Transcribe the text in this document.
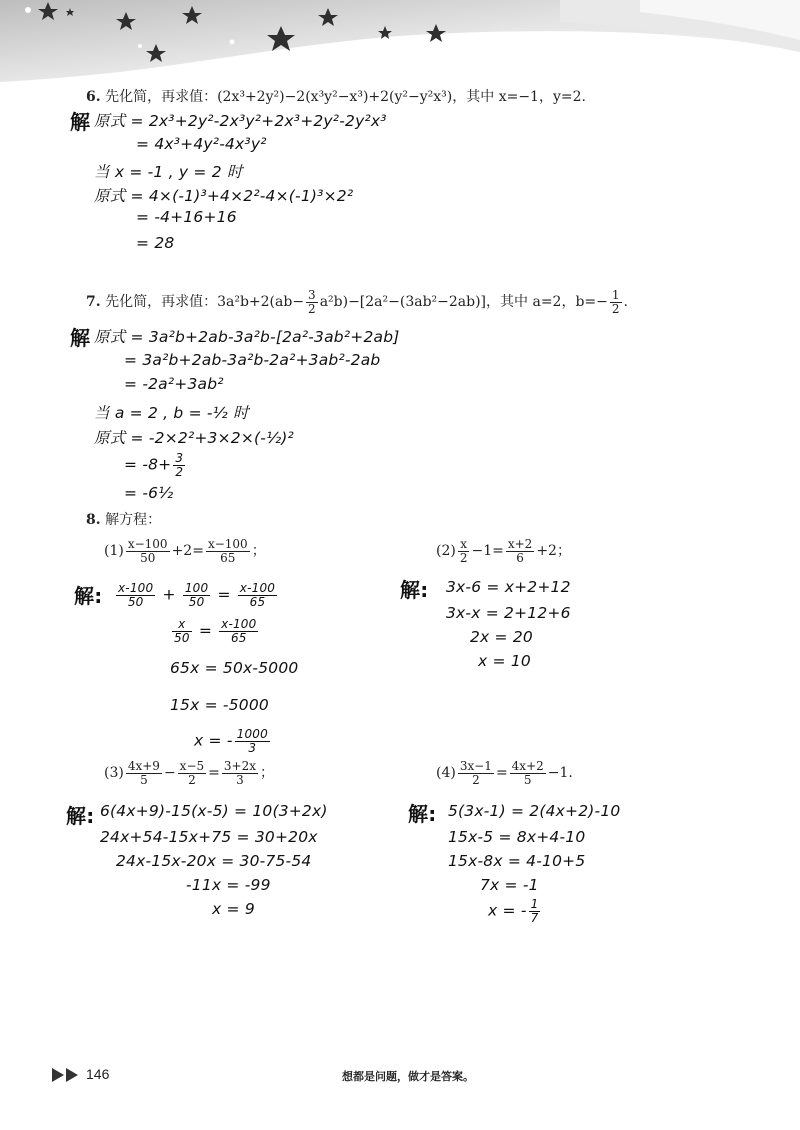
6. 先化简，再求值：(2x³+2y²)−2(x³y²−x³)+2(y²−y²x³)，其中 x=−1，y=2.
解 原式 = 2x³+2y²-2x³y²+2x³+2y²-2y²x³
= 4x³+4y²-4x³y²
当 x = -1 , y = 2 时
原式 = 4×(-1)³+4×2²-4×(-1)³×2²
= -4+16+16
= 28
7. 先化简，再求值：$3a^2b+2(ab- \frac{3}{2} a^2b)-[2a^2-(3ab^2-2ab)]$，其中 a=2，$b=- \frac{1}{2}$ .
解 原式 = 3a²b+2ab-3a²b-[2a²-3ab²+2ab]
= 3a²b+2ab-3a²b-2a²+3ab²-2ab
= -2a²+3ab²
当 a = 2 , b = -½ 时
原式 = -2×2²+3×2×(-½)²
= $-8+ \frac{3}{2}$
= -6½
8. 解方程：
$(1) \frac{x-100}{50} +2= \frac{x-100}{65}$ ；
解: $\frac{x-100}{50} + \frac{100}{50} = \frac{x-100}{65}$
$\frac{x}{50} = \frac{x-100}{65}$
65x = 50x-5000
15x = -5000
x = - $\frac{1000}{3}$
$(2) \frac{x}{2} -1= \frac{x+2}{6} +2$；
解: 3x-6 = x+2+12
3x-x = 2+12+6
2x = 20
x = 10
$(3) \frac{4x+9}{5} - \frac{x-5}{2} = \frac{3+2x}{3}$ ；
解: 6(4x+9)-15(x-5) = 10(3+2x)
24x+54-15x+75 = 30+20x
24x-15x-20x = 30-75-54
-11x = -99
x = 9
$(4) \frac{3x-1}{2} = \frac{4x+2}{5} -1$.
解: 5(3x-1) = 2(4x+2)-10
15x-5 = 8x+4-10
15x-8x = 4-10+5
7x = -1
x = - $\frac{1}{7}$
146	想都是问题，做才是答案。
